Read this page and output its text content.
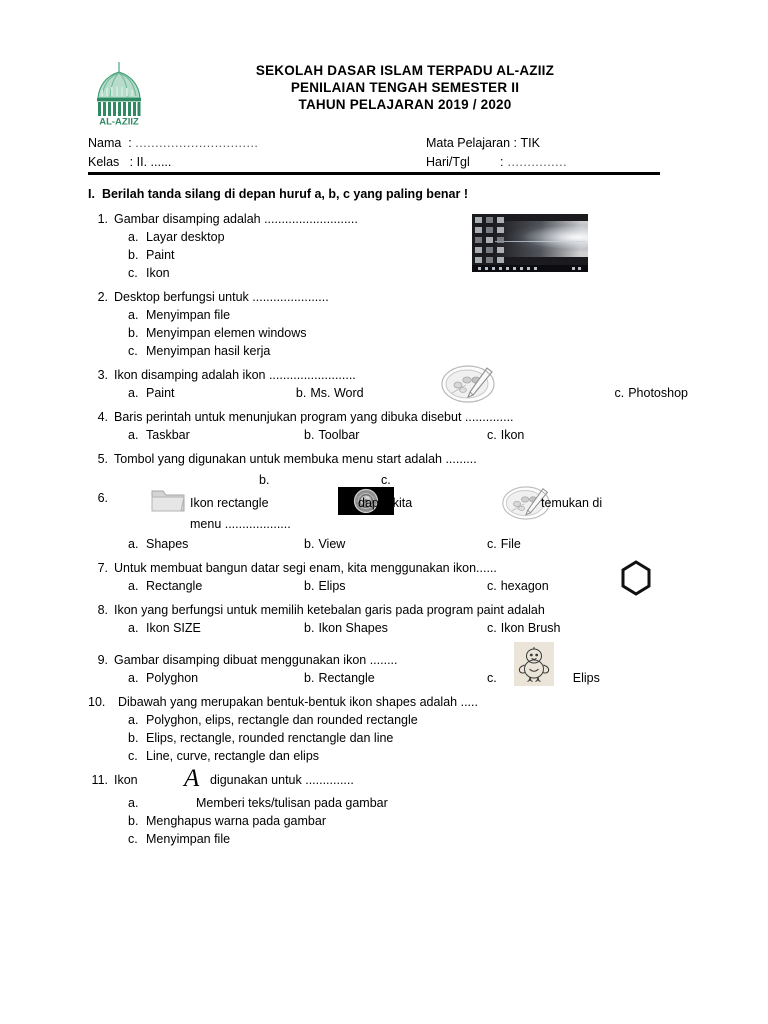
AL-AZIIZ
SEKOLAH DASAR ISLAM TERPADU AL-AZIIZ
PENILAIAN TENGAH SEMESTER II
TAHUN PELAJARAN 2019 / 2020
Nama  : ...............................	Mata Pelajaran : TIK
Kelas   : II. ......	Hari/Tgl	: ...............
I. Berilah tanda silang di depan huruf a, b, c yang paling benar !
1. Gambar disamping adalah ...........................
a. Layar desktop
b. Paint
c. Ikon
2. Desktop berfungsi untuk ......................
a. Menyimpan file
b. Menyimpan elemen windows
c. Menyimpan hasil kerja
3. Ikon disamping adalah ikon .........................
a. Paint	b. Ms. Word	c. Photoshop
4. Baris perintah untuk menunjukan program yang dibuka disebut ..............
a. Taskbar	b. Toolbar	c. Ikon
5. Tombol yang digunakan untuk membuka menu start adalah .........
b.	c.
6.	Ikon rectangle	dapat kita	temukan di
menu ...................
a. Shapes	b. View	c. File
7. Untuk membuat bangun datar segi enam, kita menggunakan ikon......
a. Rectangle	b. Elips	c. hexagon
8. Ikon yang berfungsi untuk memilih ketebalan garis pada program paint adalah
a. Ikon SIZE	b. Ikon Shapes	c. Ikon Brush
9. Gambar disamping dibuat menggunakan ikon ........
a. Polyghon	b. Rectangle	c.	Elips
10.	Dibawah yang merupakan bentuk-bentuk ikon shapes adalah .....
a. Polyghon, elips, rectangle dan rounded rectangle
b. Elips, rectangle, rounded renctangle dan line
c. Line, curve, rectangle dan elips
A
11. Ikon	digunakan untuk ..............
a.	Memberi teks/tulisan pada gambar
b. Menghapus warna pada gambar
c. Menyimpan file
